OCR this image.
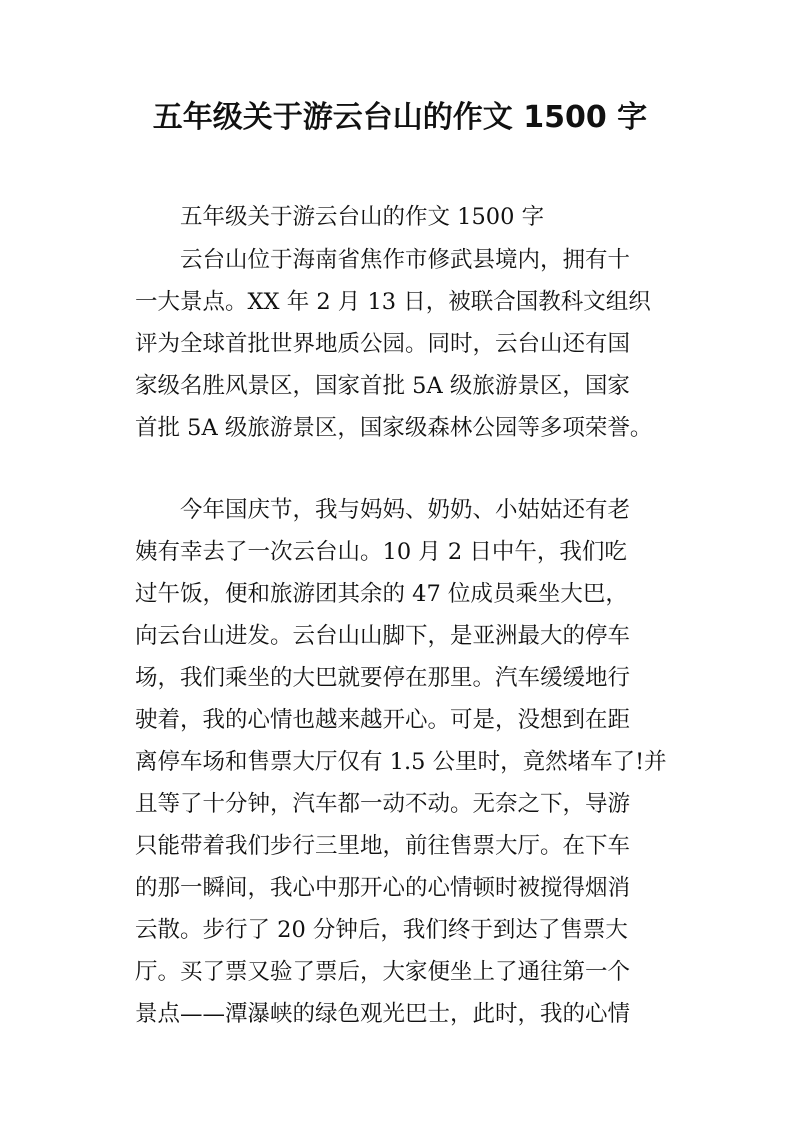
五年级关于游云台山的作文 1500 字
五年级关于游云台山的作文 1500 字
云台山位于海南省焦作市修武县境内，拥有十
一大景点。XX 年 2 月 13 日，被联合国教科文组织
评为全球首批世界地质公园。同时，云台山还有国
家级名胜风景区，国家首批 5A 级旅游景区，国家
首批 5A 级旅游景区，国家级森林公园等多项荣誉。
今年国庆节，我与妈妈、奶奶、小姑姑还有老
姨有幸去了一次云台山。10 月 2 日中午，我们吃
过午饭，便和旅游团其余的 47 位成员乘坐大巴，
向云台山进发。云台山山脚下，是亚洲最大的停车
场，我们乘坐的大巴就要停在那里。汽车缓缓地行
驶着，我的心情也越来越开心。可是，没想到在距
离停车场和售票大厅仅有 1.5 公里时，竟然堵车了!并
且等了十分钟，汽车都一动不动。无奈之下，导游
只能带着我们步行三里地，前往售票大厅。在下车
的那一瞬间，我心中那开心的心情顿时被搅得烟消
云散。步行了 20 分钟后，我们终于到达了售票大
厅。买了票又验了票后，大家便坐上了通往第一个
景点——潭瀑峡的绿色观光巴士，此时，我的心情
